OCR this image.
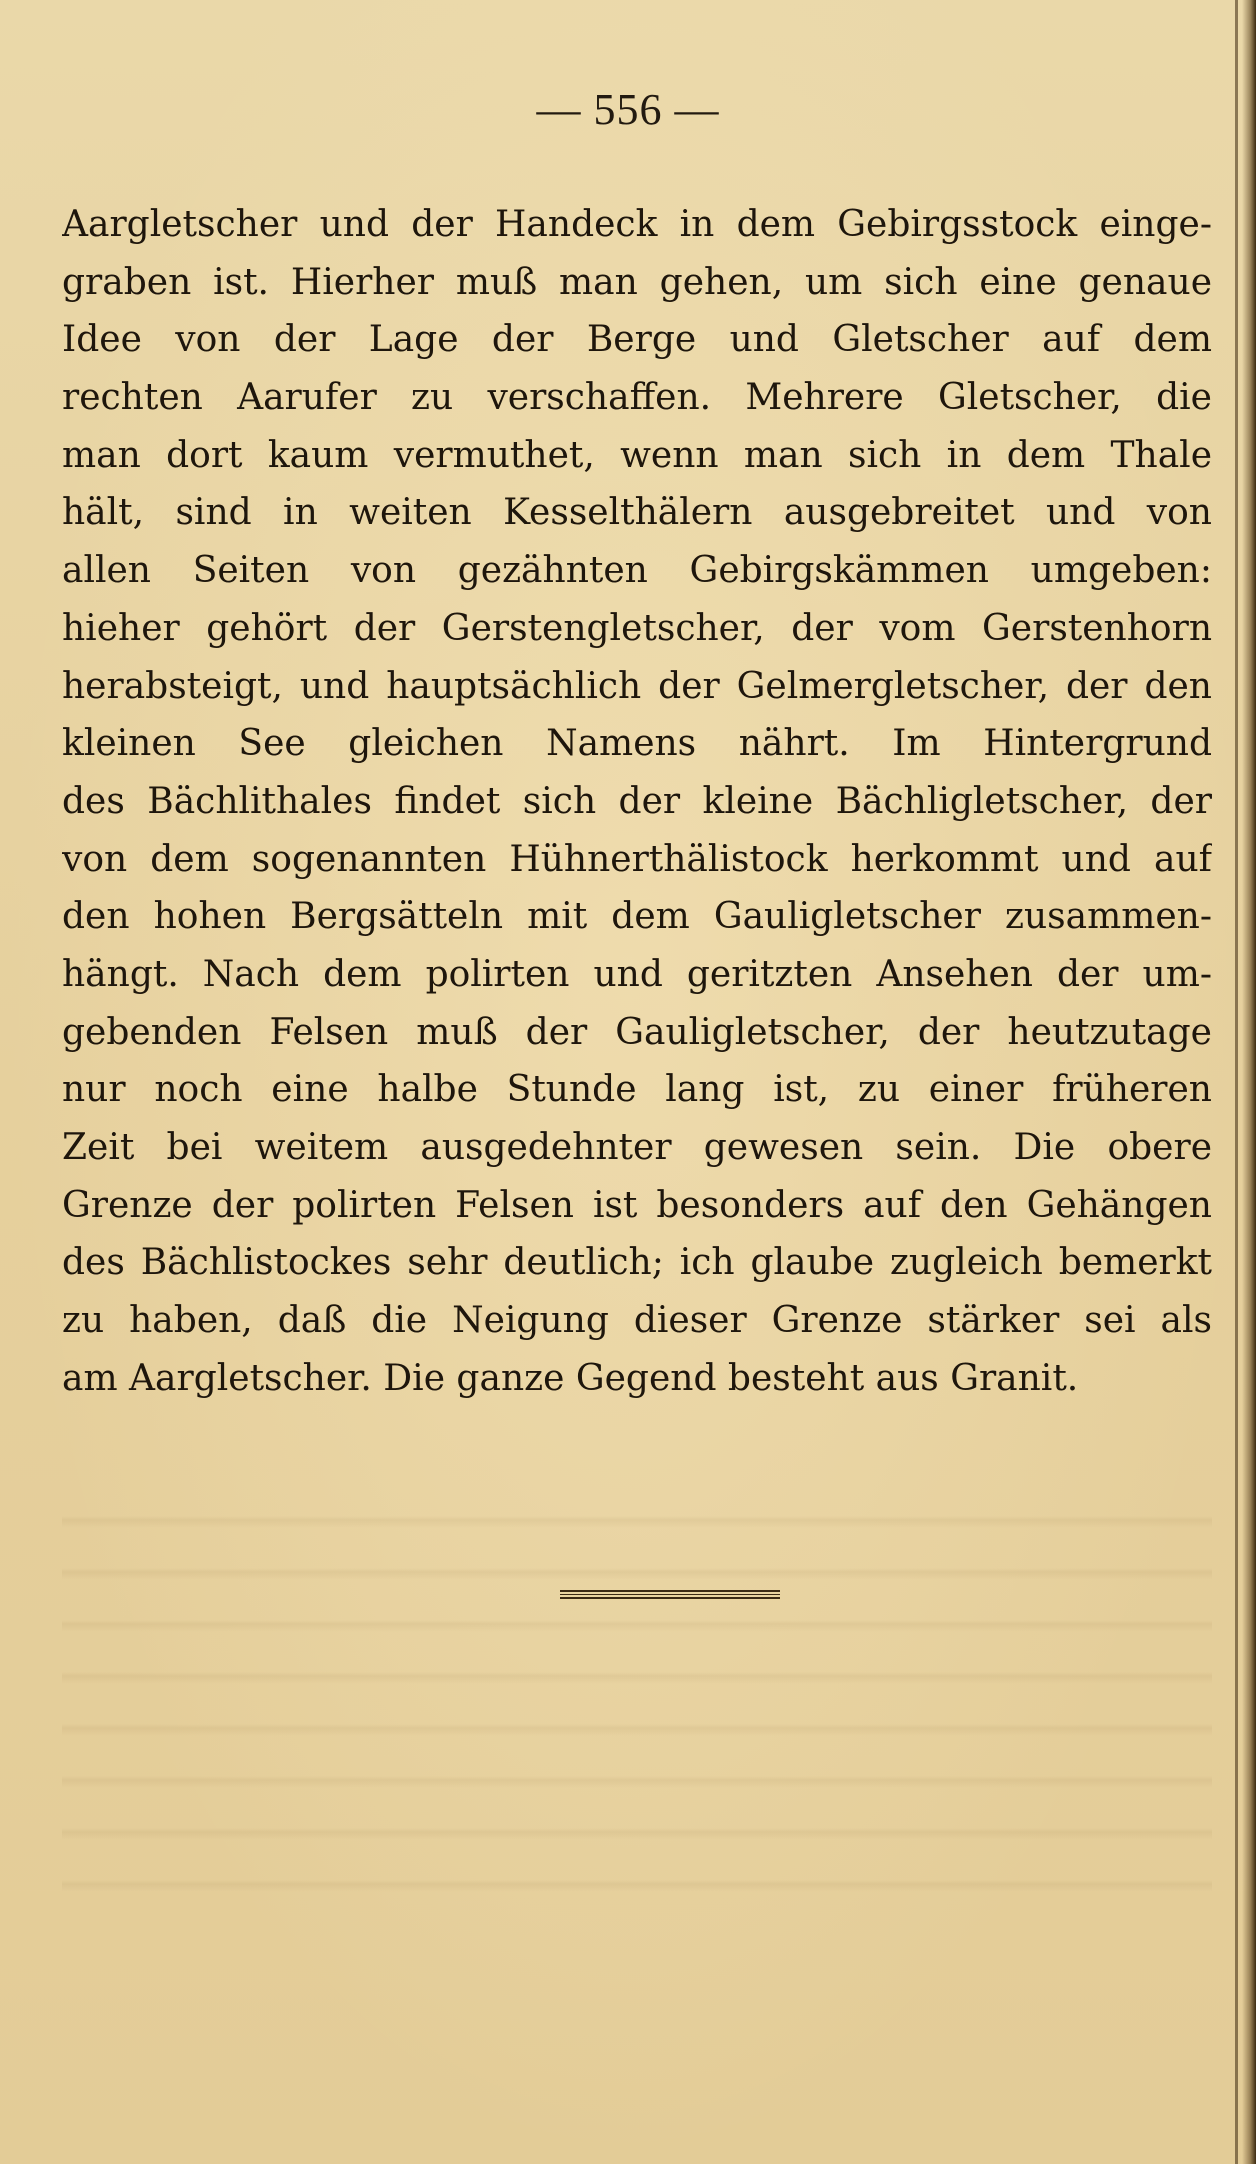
— 556 —
Aargletscher und der Handeck in dem Gebirgsstock einge-
graben ist. Hierher muß man gehen, um sich eine genaue
Idee von der Lage der Berge und Gletscher auf dem
rechten Aarufer zu verschaffen. Mehrere Gletscher, die
man dort kaum vermuthet, wenn man sich in dem Thale
hält, sind in weiten Kesselthälern ausgebreitet und von
allen Seiten von gezähnten Gebirgskämmen umgeben:
hieher gehört der Gerstengletscher, der vom Gerstenhorn
herabsteigt, und hauptsächlich der Gelmergletscher, der den
kleinen See gleichen Namens nährt. Im Hintergrund
des Bächlithales findet sich der kleine Bächligletscher, der
von dem sogenannten Hühnerthälistock herkommt und auf
den hohen Bergsätteln mit dem Gauligletscher zusammen-
hängt. Nach dem polirten und geritzten Ansehen der um-
gebenden Felsen muß der Gauligletscher, der heutzutage
nur noch eine halbe Stunde lang ist, zu einer früheren
Zeit bei weitem ausgedehnter gewesen sein. Die obere
Grenze der polirten Felsen ist besonders auf den Gehängen
des Bächlistockes sehr deutlich; ich glaube zugleich bemerkt
zu haben, daß die Neigung dieser Grenze stärker sei als
am Aargletscher. Die ganze Gegend besteht aus Granit.
